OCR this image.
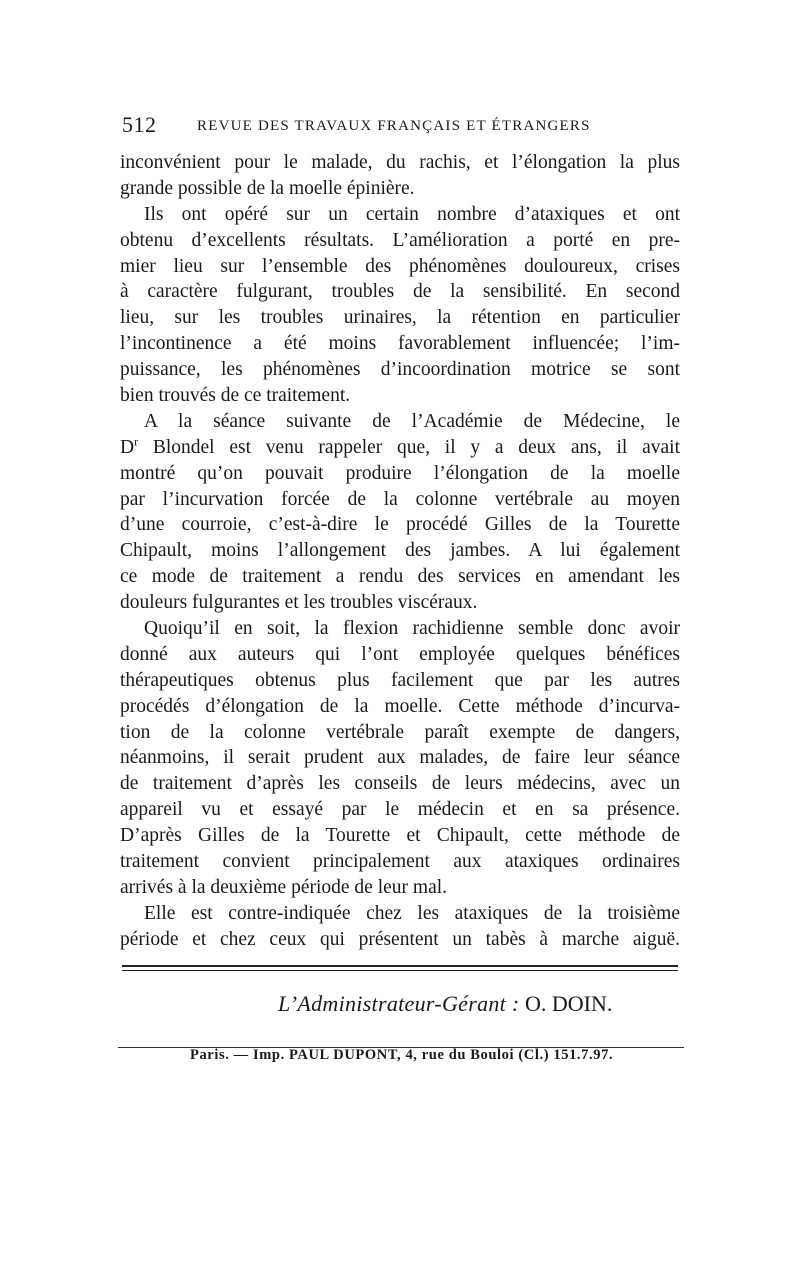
512	REVUE DES TRAVAUX FRANÇAIS ET ÉTRANGERS
inconvénient pour le malade, du rachis, et l’élongation la plus
grande possible de la moelle épinière.
Ils ont opéré sur un certain nombre d’ataxiques et ont
obtenu d’excellents résultats. L’amélioration a porté en pre-
mier lieu sur l’ensemble des phénomènes douloureux, crises
à caractère fulgurant, troubles de la sensibilité. En second
lieu, sur les troubles urinaires, la rétention en particulier
l’incontinence a été moins favorablement influencée; l’im-
puissance, les phénomènes d’incoordination motrice se sont
bien trouvés de ce traitement.
A la séance suivante de l’Académie de Médecine, le
$D^r$ Blondel est venu rappeler que, il y a deux ans, il avait
montré qu’on pouvait produire l’élongation de la moelle
par l’incurvation forcée de la colonne vertébrale au moyen
d’une courroie, c’est-à-dire le procédé Gilles de la Tourette
Chipault, moins l’allongement des jambes. A lui également
ce mode de traitement a rendu des services en amendant les
douleurs fulgurantes et les troubles viscéraux.
Quoiqu’il en soit, la flexion rachidienne semble donc avoir
donné aux auteurs qui l’ont employée quelques bénéfices
thérapeutiques obtenus plus facilement que par les autres
procédés d’élongation de la moelle. Cette méthode d’incurva-
tion de la colonne vertébrale paraît exempte de dangers,
néanmoins, il serait prudent aux malades, de faire leur séance
de traitement d’après les conseils de leurs médecins, avec un
appareil vu et essayé par le médecin et en sa présence.
D’après Gilles de la Tourette et Chipault, cette méthode de
traitement convient principalement aux ataxiques ordinaires
arrivés à la deuxième période de leur mal.
Elle est contre-indiquée chez les ataxiques de la troisième
période et chez ceux qui présentent un tabès à marche aiguë.
L’Administrateur-Gérant : O. DOIN.
Paris. — Imp. PAUL DUPONT, 4, rue du Bouloi (Cl.) 151.7.97.
